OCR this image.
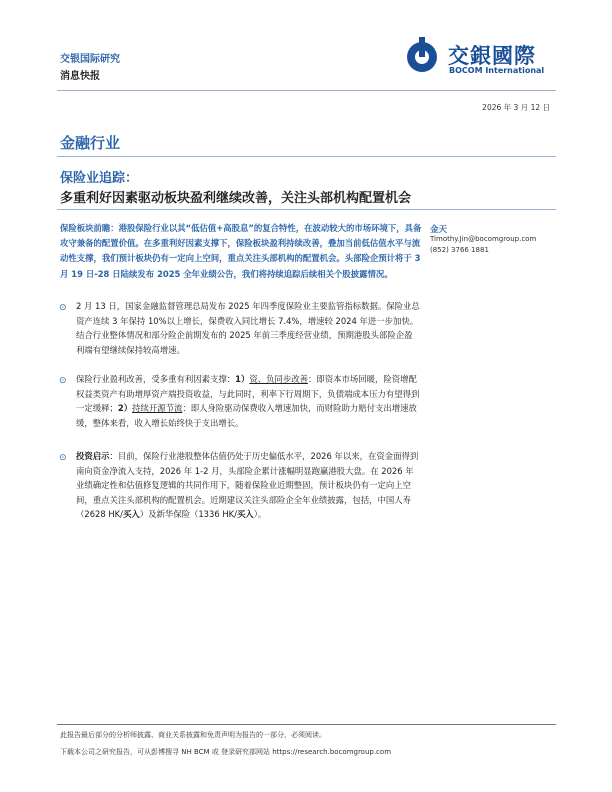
交银国际研究
消息快报
交銀國際
BOCOM International
2026 年 3 月 12 日
金融行业
保险业追踪：
多重利好因素驱动板块盈利继续改善，关注头部机构配置机会
保险板块前瞻：港股保险行业以其“低估值+高股息”的复合特性，在波动较大的市场环境下，具备攻守兼备的配置价值。在多重利好因素支撑下，保险板块盈利持续改善，叠加当前低估值水平与流动性支撑，我们预计板块仍有一定向上空间，重点关注头部机构的配置机会。头部险企预计将于 3 月 19 日-28 日陆续发布 2025 全年业绩公告，我们将持续追踪后续相关个股披露情况。
金天
Timothy.Jin@bocomgroup.com
(852) 3766 1881
⊙ 2 月 13 日，国家金融监督管理总局发布 2025 年四季度保险业主要监管指标数据。保险业总资产连续 3 年保持 10%以上增长，保费收入同比增长 7.4%，增速较 2024 年进一步加快。结合行业整体情况和部分险企前期发布的 2025 年前三季度经营业绩，预期港股头部险企盈利端有望继续保持较高增速。
⊙ 保险行业盈利改善，受多重有利因素支撑：1）资、负同步改善：即资本市场回暖，险资增配权益类资产有助增厚资产端投资收益，与此同时，利率下行周期下，负债端成本压力有望得到一定缓释；2）持续开源节流：即人身险驱动保费收入增速加快，而财险助力赔付支出增速放缓，整体来看，收入增长始终快于支出增长。
⊙ 投资启示：目前，保险行业港股整体估值仍处于历史偏低水平，2026 年以来，在资金面得到南向资金净流入支持，2026 年 1-2 月，头部险企累计涨幅明显跑赢港股大盘。在 2026 年业绩确定性和估值修复逻辑的共同作用下，随着保险业近期整固，预计板块仍有一定向上空间，重点关注头部机构的配置机会。近期建议关注头部险企全年业绩披露，包括，中国人寿（2628 HK/买入）及新华保险（1336 HK/买入）。
此报告最后部分的分析师披露、商业关系披露和免责声明为报告的一部分，必须阅读。
下载本公司之研究报告，可从彭博搜寻 NH BCM 或 登录研究部网站 https://research.bocomgroup.com
